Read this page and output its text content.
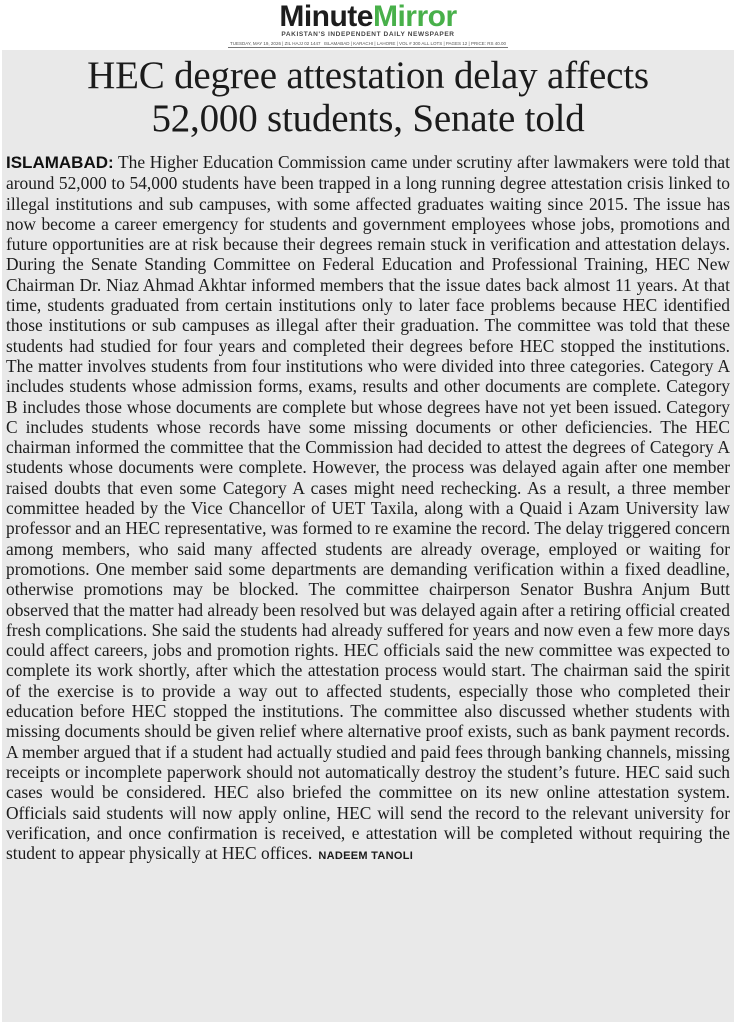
MinuteMirror
PAKISTAN'S INDEPENDENT DAILY NEWSPAPER
TUESDAY, MAY 19, 2026 | ZIL HAJJ 02 1447 ISLAMABAD | KARACHI | LAHORE | VOL # 300 ALL LOTS | PAGES 12 | PRICE: RS 40.00
HEC degree attestation delay affects
52,000 students, Senate told

ISLAMABAD: The Higher Education Commission came under scrutiny after lawmakers were told that around 52,000 to 54,000 students have been trapped in a long running degree attestation crisis linked to illegal institutions and sub campuses, with some affected graduates waiting since 2015. The issue has now become a career emergency for students and government employees whose jobs, promotions and future opportunities are at risk because their degrees remain stuck in verification and attestation delays. During the Senate Standing Committee on Federal Education and Professional Training, HEC New Chairman Dr. Niaz Ahmad Akhtar informed members that the issue dates back almost 11 years. At that time, students graduated from certain institutions only to later face problems because HEC identified those institutions or sub campuses as illegal after their graduation. The committee was told that these students had studied for four years and completed their degrees before HEC stopped the institutions. The matter involves students from four institutions who were divided into three categories. Category A includes students whose admission forms, exams, results and other documents are complete. Category B includes those whose documents are complete but whose degrees have not yet been issued. Category C includes students whose records have some missing documents or other deficiencies. The HEC chairman informed the committee that the Commission had decided to attest the degrees of Category A students whose documents were complete. However, the process was delayed again after one member raised doubts that even some Category A cases might need rechecking. As a result, a three member committee headed by the Vice Chancellor of UET Taxila, along with a Quaid i Azam University law professor and an HEC representative, was formed to re examine the record. The delay triggered concern among members, who said many affected students are already overage, employed or waiting for promotions. One member said some departments are demanding verification within a fixed deadline, otherwise promotions may be blocked. The committee chairperson Senator Bushra Anjum Butt observed that the matter had already been resolved but was delayed again after a retiring official created fresh complications. She said the students had already suffered for years and now even a few more days could affect careers, jobs and promotion rights. HEC officials said the new committee was expected to complete its work shortly, after which the attestation process would start. The chairman said the spirit of the exercise is to provide a way out to affected students, especially those who completed their education before HEC stopped the institutions. The committee also discussed whether students with missing documents should be given relief where alternative proof exists, such as bank payment records. A member argued that if a student had actually studied and paid fees through banking channels, missing receipts or incomplete paperwork should not automatically destroy the student’s future. HEC said such cases would be considered. HEC also briefed the committee on its new online attestation system. Officials said students will now apply online, HEC will send the record to the relevant university for verification, and once confirmation is received, e attestation will be completed without requiring the student to appear physically at HEC offices. NADEEM TANOLI
